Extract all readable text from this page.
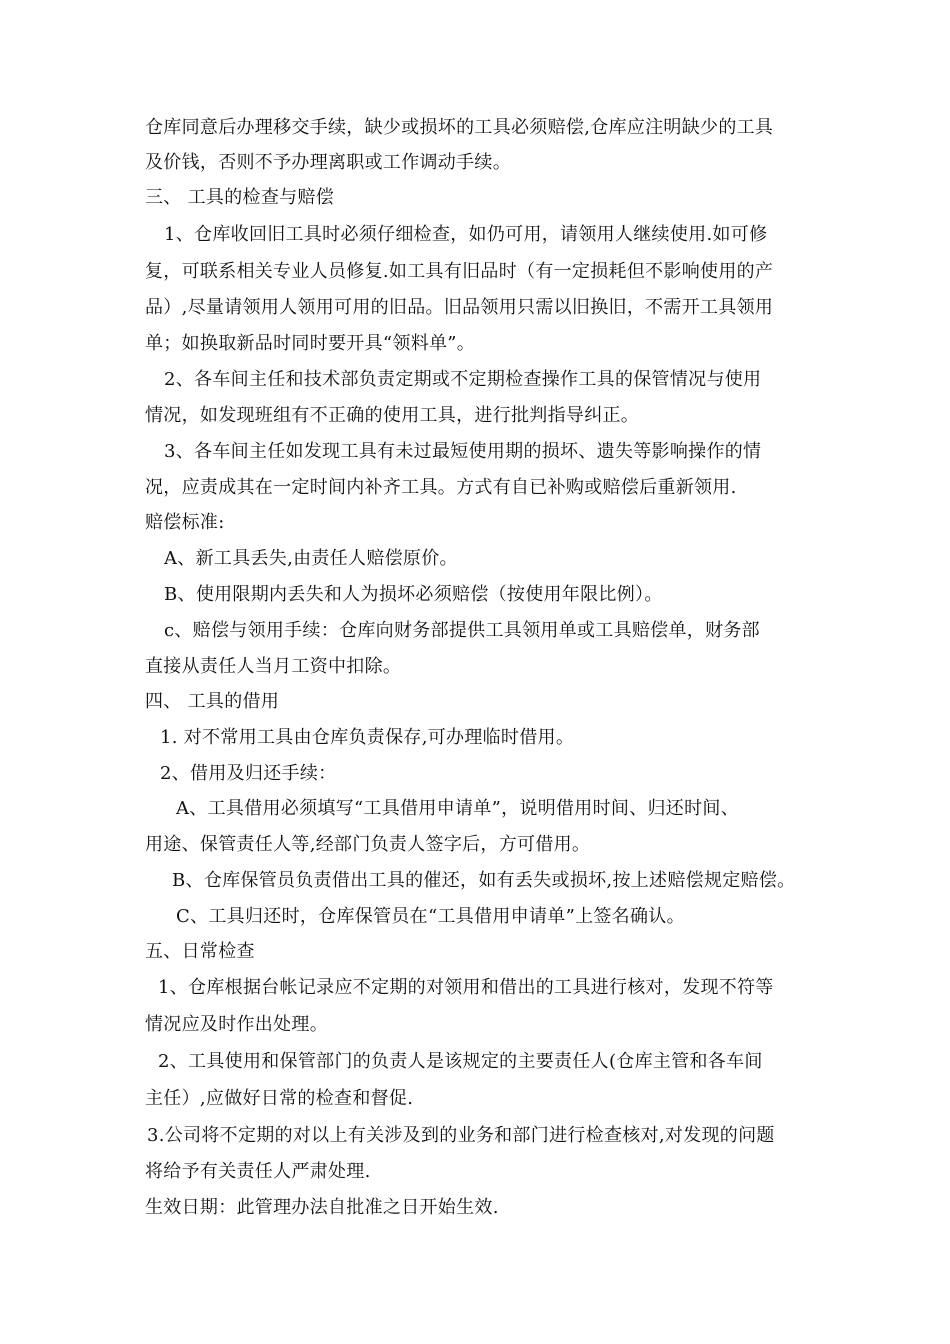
仓库同意后办理移交手续，缺少或损坏的工具必须赔偿,仓库应注明缺少的工具
及价钱，否则不予办理离职或工作调动手续。
三、 工具的检查与赔偿
1、仓库收回旧工具时必须仔细检查，如仍可用，请领用人继续使用.如可修
复，可联系相关专业人员修复.如工具有旧品时（有一定损耗但不影响使用的产
品）,尽量请领用人领用可用的旧品。旧品领用只需以旧换旧，不需开工具领用
单；如换取新品时同时要开具“领料单”。
2、各车间主任和技术部负责定期或不定期检查操作工具的保管情况与使用
情况，如发现班组有不正确的使用工具，进行批判指导纠正。
3、各车间主任如发现工具有未过最短使用期的损坏、遗失等影响操作的情
况，应责成其在一定时间内补齐工具。方式有自已补购或赔偿后重新领用.
赔偿标准:
A、新工具丢失,由责任人赔偿原价。
B、使用限期内丢失和人为损坏必须赔偿（按使用年限比例）。
c、赔偿与领用手续：仓库向财务部提供工具领用单或工具赔偿单，财务部
直接从责任人当月工资中扣除。
四、 工具的借用
1. 对不常用工具由仓库负责保存,可办理临时借用。
2、借用及归还手续：
A、工具借用必须填写“工具借用申请单”，说明借用时间、归还时间、
用途、保管责任人等,经部门负责人签字后，方可借用。
B、仓库保管员负责借出工具的催还，如有丢失或损坏,按上述赔偿规定赔偿。
C、工具归还时，仓库保管员在“工具借用申请单”上签名确认。
五、日常检查
1、仓库根据台帐记录应不定期的对领用和借出的工具进行核对，发现不符等
情况应及时作出处理。
2、工具使用和保管部门的负责人是该规定的主要责任人(仓库主管和各车间
主任）,应做好日常的检查和督促.
3.公司将不定期的对以上有关涉及到的业务和部门进行检查核对,对发现的问题
将给予有关责任人严肃处理.
生效日期：此管理办法自批准之日开始生效.
